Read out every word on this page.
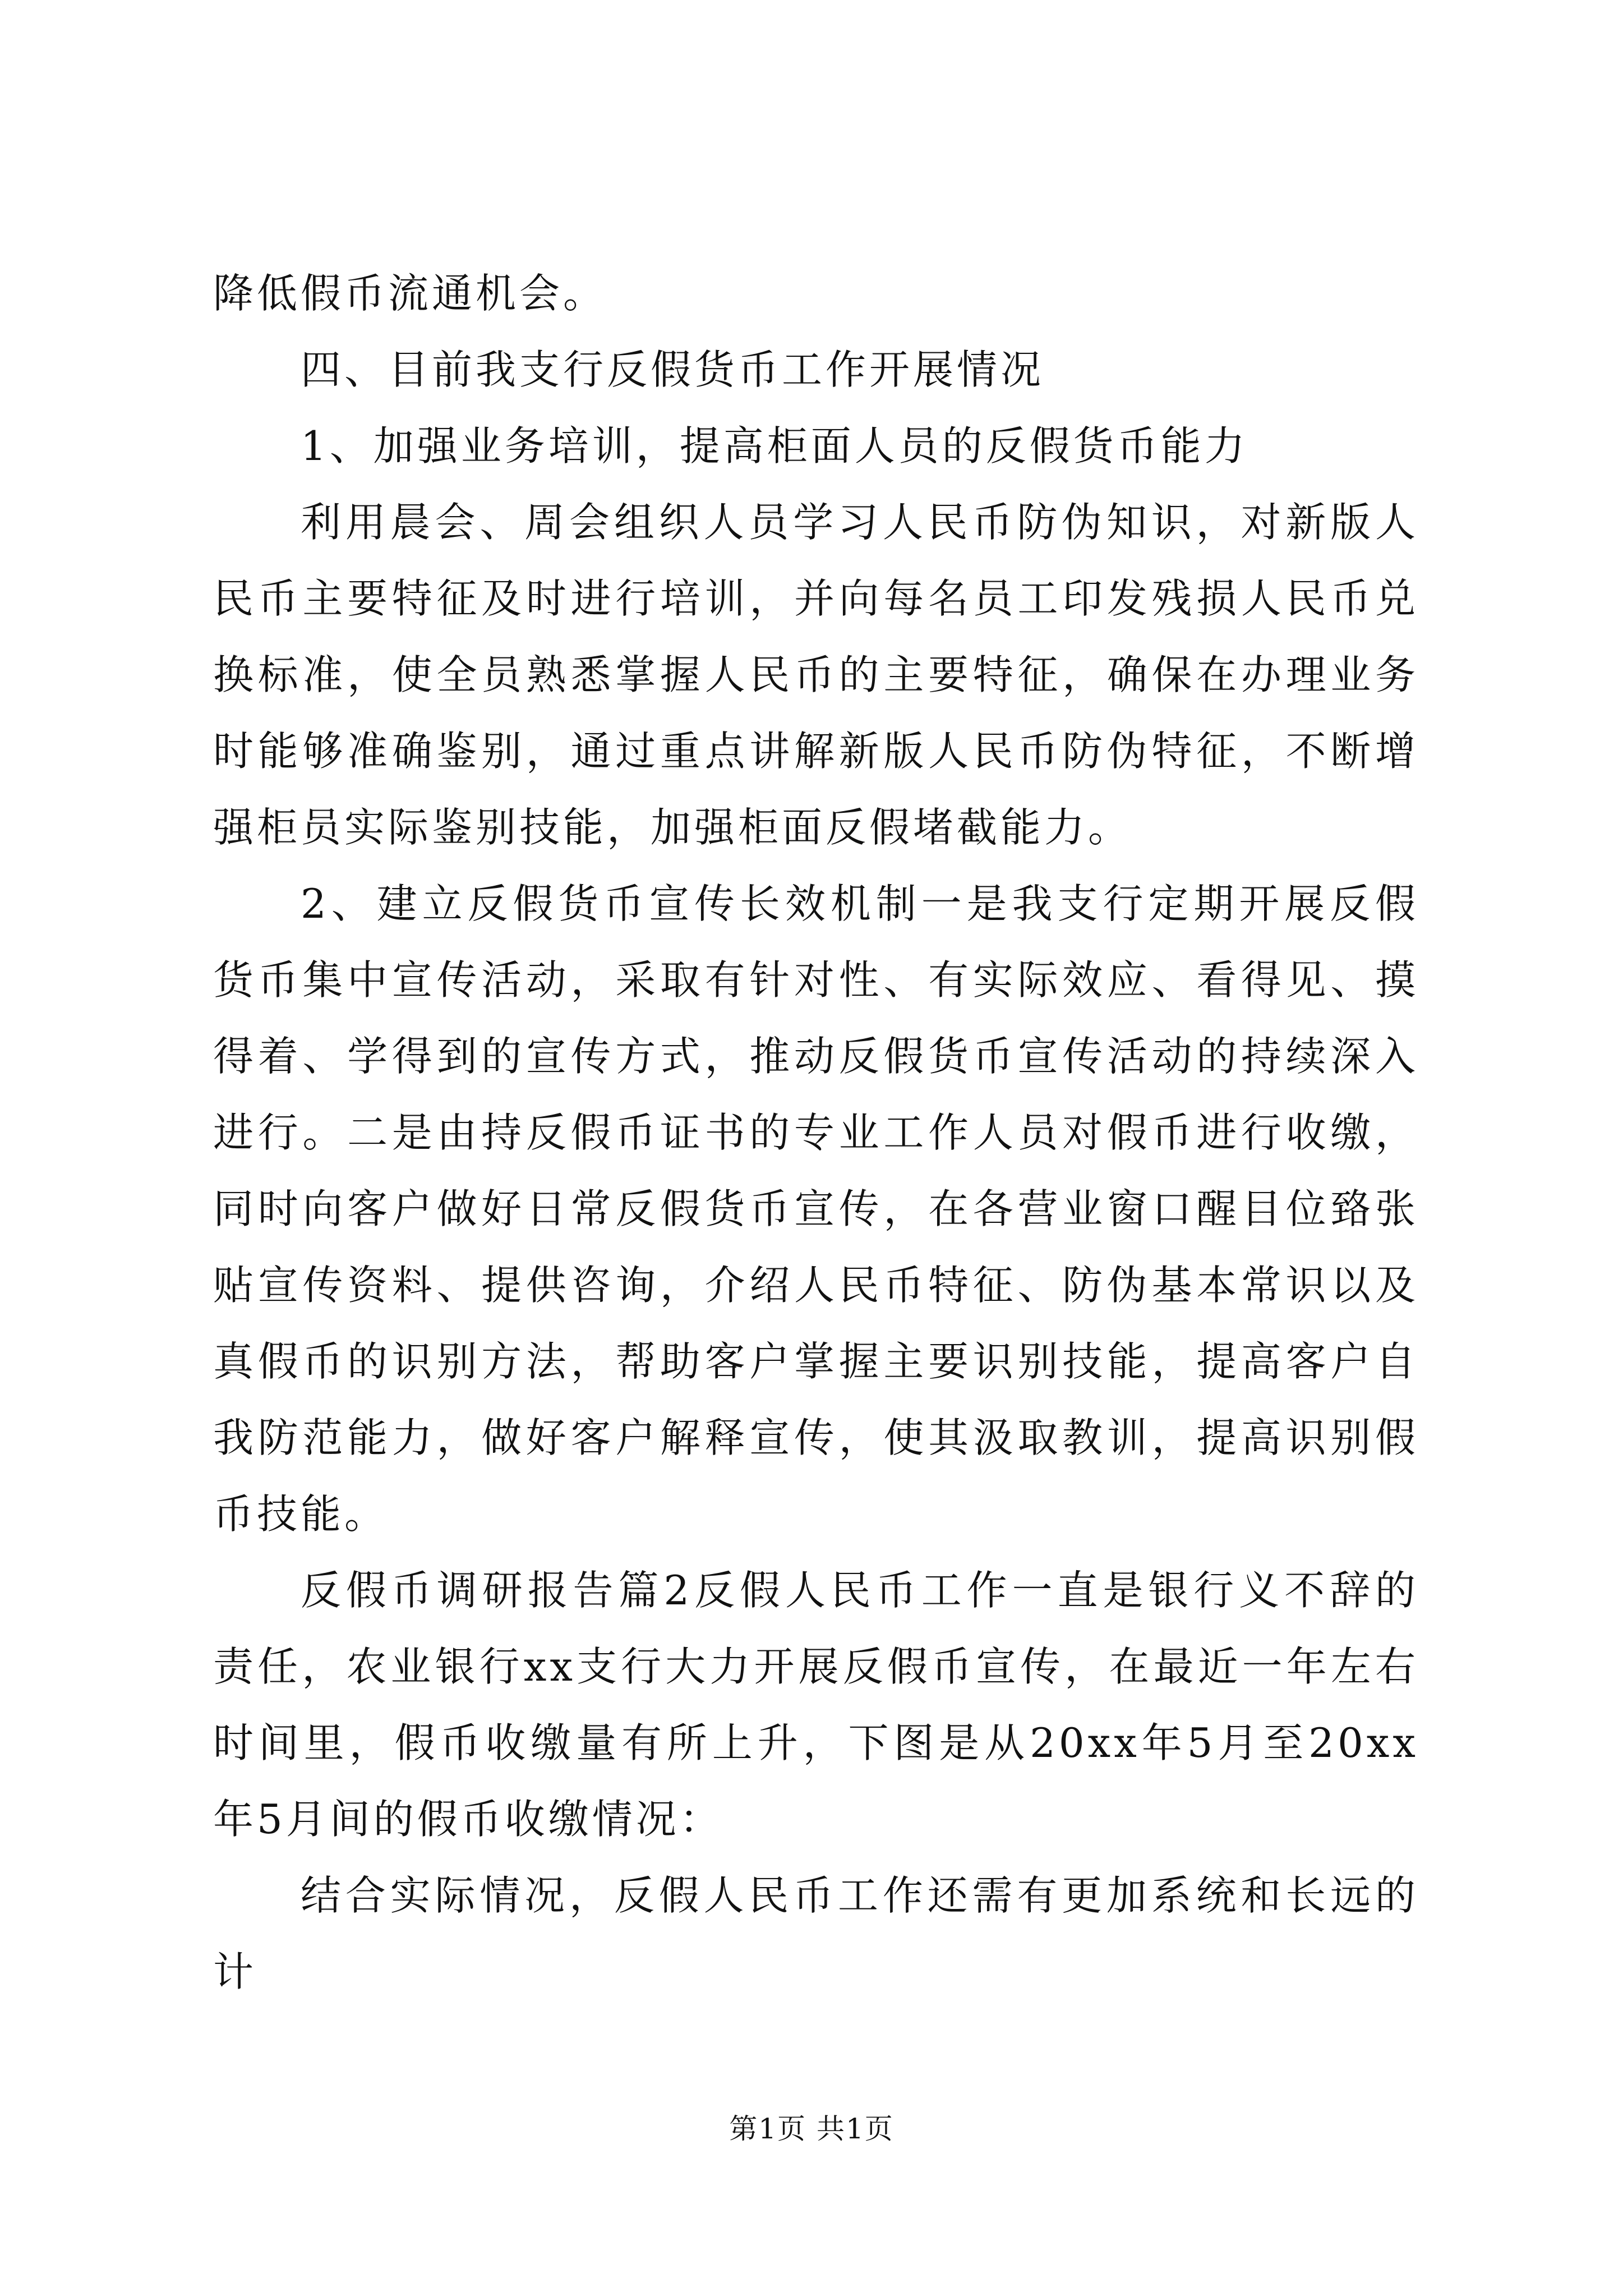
降低假币流通机会。

四、目前我支行反假货币工作开展情况

1、加强业务培训，提高柜面人员的反假货币能力

利用晨会、周会组织人员学习人民币防伪知识，对新版人民币主要特征及时进行培训，并向每名员工印发残损人民币兑换标准，使全员熟悉掌握人民币的主要特征，确保在办理业务时能够准确鉴别，通过重点讲解新版人民币防伪特征，不断增强柜员实际鉴别技能，加强柜面反假堵截能力。

2、建立反假货币宣传长效机制一是我支行定期开展反假货币集中宣传活动，采取有针对性、有实际效应、看得见、摸得着、学得到的宣传方式，推动反假货币宣传活动的持续深入进行。二是由持反假币证书的专业工作人员对假币进行收缴，同时向客户做好日常反假货币宣传，在各营业窗口醒目位臵张贴宣传资料、提供咨询，介绍人民币特征、防伪基本常识以及真假币的识别方法，帮助客户掌握主要识别技能，提高客户自我防范能力，做好客户解释宣传，使其汲取教训，提高识别假币技能。

反假币调研报告篇2反假人民币工作一直是银行义不辞的责任，农业银行xx支行大力开展反假币宣传，在最近一年左右时间里，假币收缴量有所上升，下图是从20xx年5月至20xx年5月间的假币收缴情况：

结合实际情况，反假人民币工作还需有更加系统和长远的计

第1页 共1页
